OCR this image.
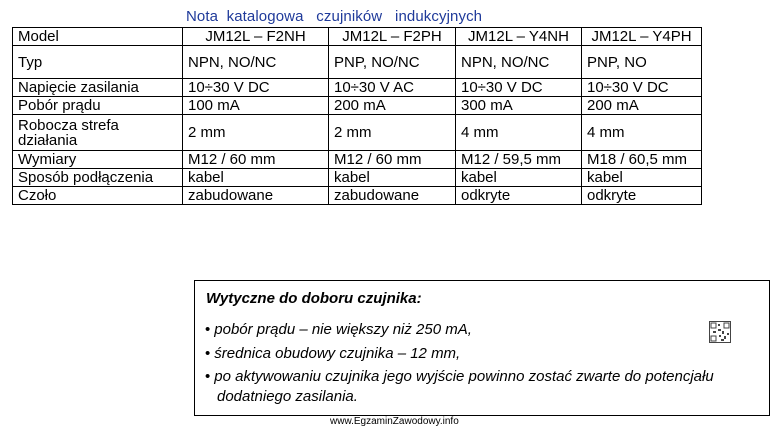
Nota  katalogowa   czujników   indukcyjnych
Model	JM12L – F2NH	JM12L – F2PH	JM12L – Y4NH	JM12L – Y4PH
Typ	NPN, NO/NC	PNP, NO/NC	NPN, NO/NC	PNP, NO
Napięcie zasilania	10÷30 V DC	10÷30 V AC	10÷30 V DC	10÷30 V DC
Pobór prądu	100 mA	200 mA	300 mA	200 mA
Robocza strefa działania	2 mm	2 mm	4 mm	4 mm
Wymiary	M12 / 60 mm	M12 / 60 mm	M12 / 59,5 mm	M18 / 60,5 mm
Sposób podłączenia	kabel	kabel	kabel	kabel
Czoło	zabudowane	zabudowane	odkryte	odkryte
Wytyczne do doboru czujnika:
• pobór prądu – nie większy niż 250 mA,
• średnica obudowy czujnika – 12 mm,
• po aktywowaniu czujnika jego wyjście powinno zostać zwarte do potencjału
dodatniego zasilania.
www.EgzaminZawodowy.info
